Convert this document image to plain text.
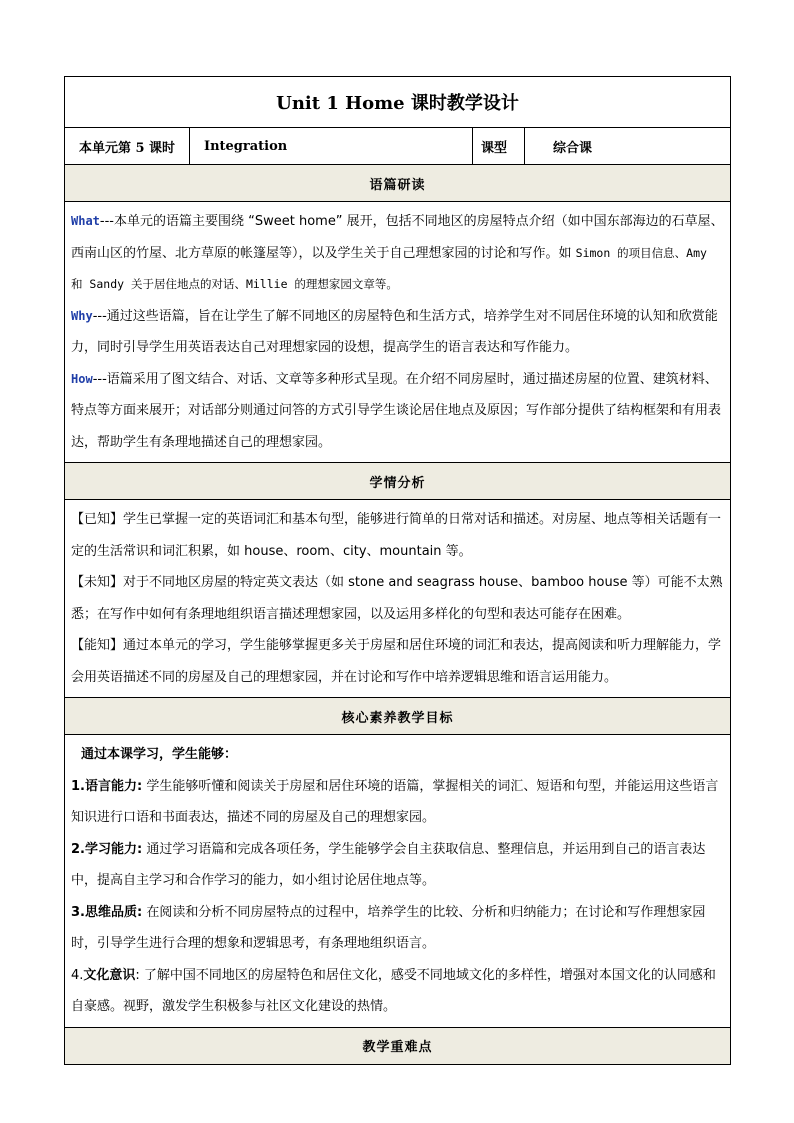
Unit 1 Home 课时教学设计
本单元第 5 课时	Integration	课型	综合课
语篇研读

What---本单元的语篇主要围绕 “Sweet home” 展开，包括不同地区的房屋特点介绍（如中国东部海边的石草屋、西南山区的竹屋、北方草原的帐篷屋等），以及学生关于自己理想家园的讨论和写作。如 Simon 的项目信息、Amy 和 Sandy 关于居住地点的对话、Millie 的理想家园文章等。

Why---通过这些语篇，旨在让学生了解不同地区的房屋特色和生活方式，培养学生对不同居住环境的认知和欣赏能力，同时引导学生用英语表达自己对理想家园的设想，提高学生的语言表达和写作能力。

How---语篇采用了图文结合、对话、文章等多种形式呈现。在介绍不同房屋时，通过描述房屋的位置、建筑材料、特点等方面来展开；对话部分则通过问答的方式引导学生谈论居住地点及原因；写作部分提供了结构框架和有用表达，帮助学生有条理地描述自己的理想家园。

学情分析

【已知】学生已掌握一定的英语词汇和基本句型，能够进行简单的日常对话和描述。对房屋、地点等相关话题有一定的生活常识和词汇积累，如 house、room、city、mountain 等。

【未知】对于不同地区房屋的特定英文表达（如 stone and seagrass house、bamboo house 等）可能不太熟悉；在写作中如何有条理地组织语言描述理想家园，以及运用多样化的句型和表达可能存在困难。

【能知】通过本单元的学习，学生能够掌握更多关于房屋和居住环境的词汇和表达，提高阅读和听力理解能力，学会用英语描述不同的房屋及自己的理想家园，并在讨论和写作中培养逻辑思维和语言运用能力。

核心素养教学目标

通过本课学习，学生能够：

1.语言能力: 学生能够听懂和阅读关于房屋和居住环境的语篇，掌握相关的词汇、短语和句型，并能运用这些语言知识进行口语和书面表达，描述不同的房屋及自己的理想家园。

2.学习能力: 通过学习语篇和完成各项任务，学生能够学会自主获取信息、整理信息，并运用到自己的语言表达中，提高自主学习和合作学习的能力，如小组讨论居住地点等。

3.思维品质: 在阅读和分析不同房屋特点的过程中，培养学生的比较、分析和归纳能力；在讨论和写作理想家园时，引导学生进行合理的想象和逻辑思考，有条理地组织语言。

4.文化意识: 了解中国不同地区的房屋特色和居住文化，感受不同地域文化的多样性，增强对本国文化的认同感和自豪感。视野，激发学生积极参与社区文化建设的热情。

教学重难点
